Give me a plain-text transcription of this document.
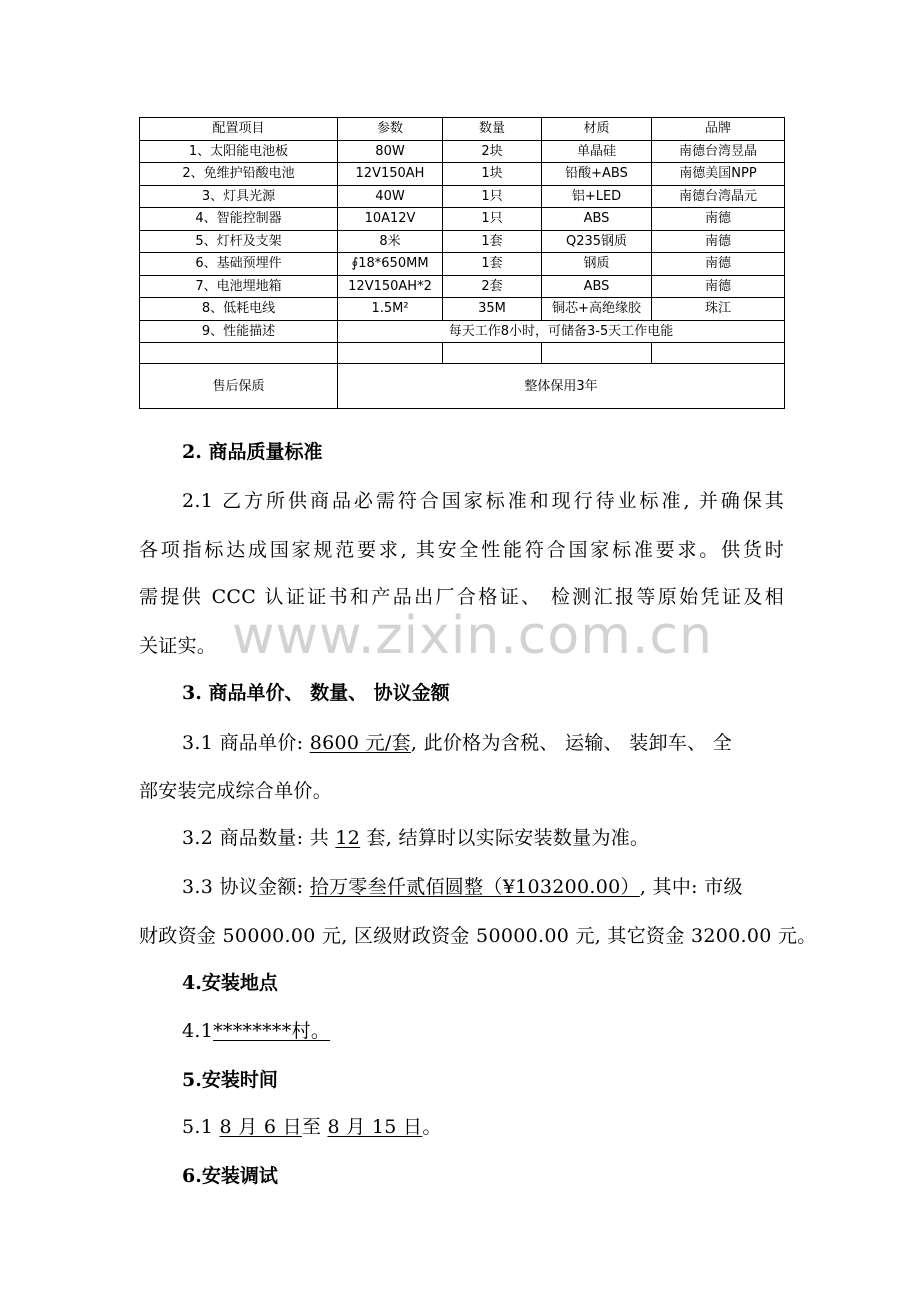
配置项目	参数	数量	材质	品牌
1、太阳能电池板	80W	2块	单晶硅	南德台湾昱晶
2、免维护铅酸电池	12V150AH	1块	铅酸+ABS	南德美国NPP
3、灯具光源	40W	1只	铝+LED	南德台湾晶元
4、智能控制器	10A12V	1只	ABS	南德
5、灯杆及支架	8米	1套	Q235钢质	南德
6、基础预埋件	∮18*650MM	1套	钢质	南德
7、电池埋地箱	12V150AH*2	2套	ABS	南德
8、低耗电线	1.5M²	35M	铜芯+高绝缘胶	珠江
9、性能描述	每天工作8小时，可储备3-5天工作电能			

售后保质	整体保用3年			
2. 商品质量标准
2.1 乙方所供商品必需符合国家标准和现行待业标准, 并确保其
各项指标达成国家规范要求, 其安全性能符合国家标准要求。供货时
需提供 CCC 认证证书和产品出厂合格证、 检测汇报等原始凭证及相
关证实。
3. 商品单价、 数量、 协议金额
3.1 商品单价: 8600 元/套, 此价格为含税、 运输、 装卸车、 全
部安装完成综合单价。
3.2 商品数量: 共 12 套, 结算时以实际安装数量为准。
3.3 协议金额: 拾万零叁仟贰佰圆整（¥103200.00）, 其中: 市级
财政资金 50000.00 元, 区级财政资金 50000.00 元, 其它资金 3200.00 元。
4.安装地点
4.1********村。
5.安装时间
5.1 8 月 6 日至 8 月 15 日。
6.安装调试
www.zixin.com.cn
